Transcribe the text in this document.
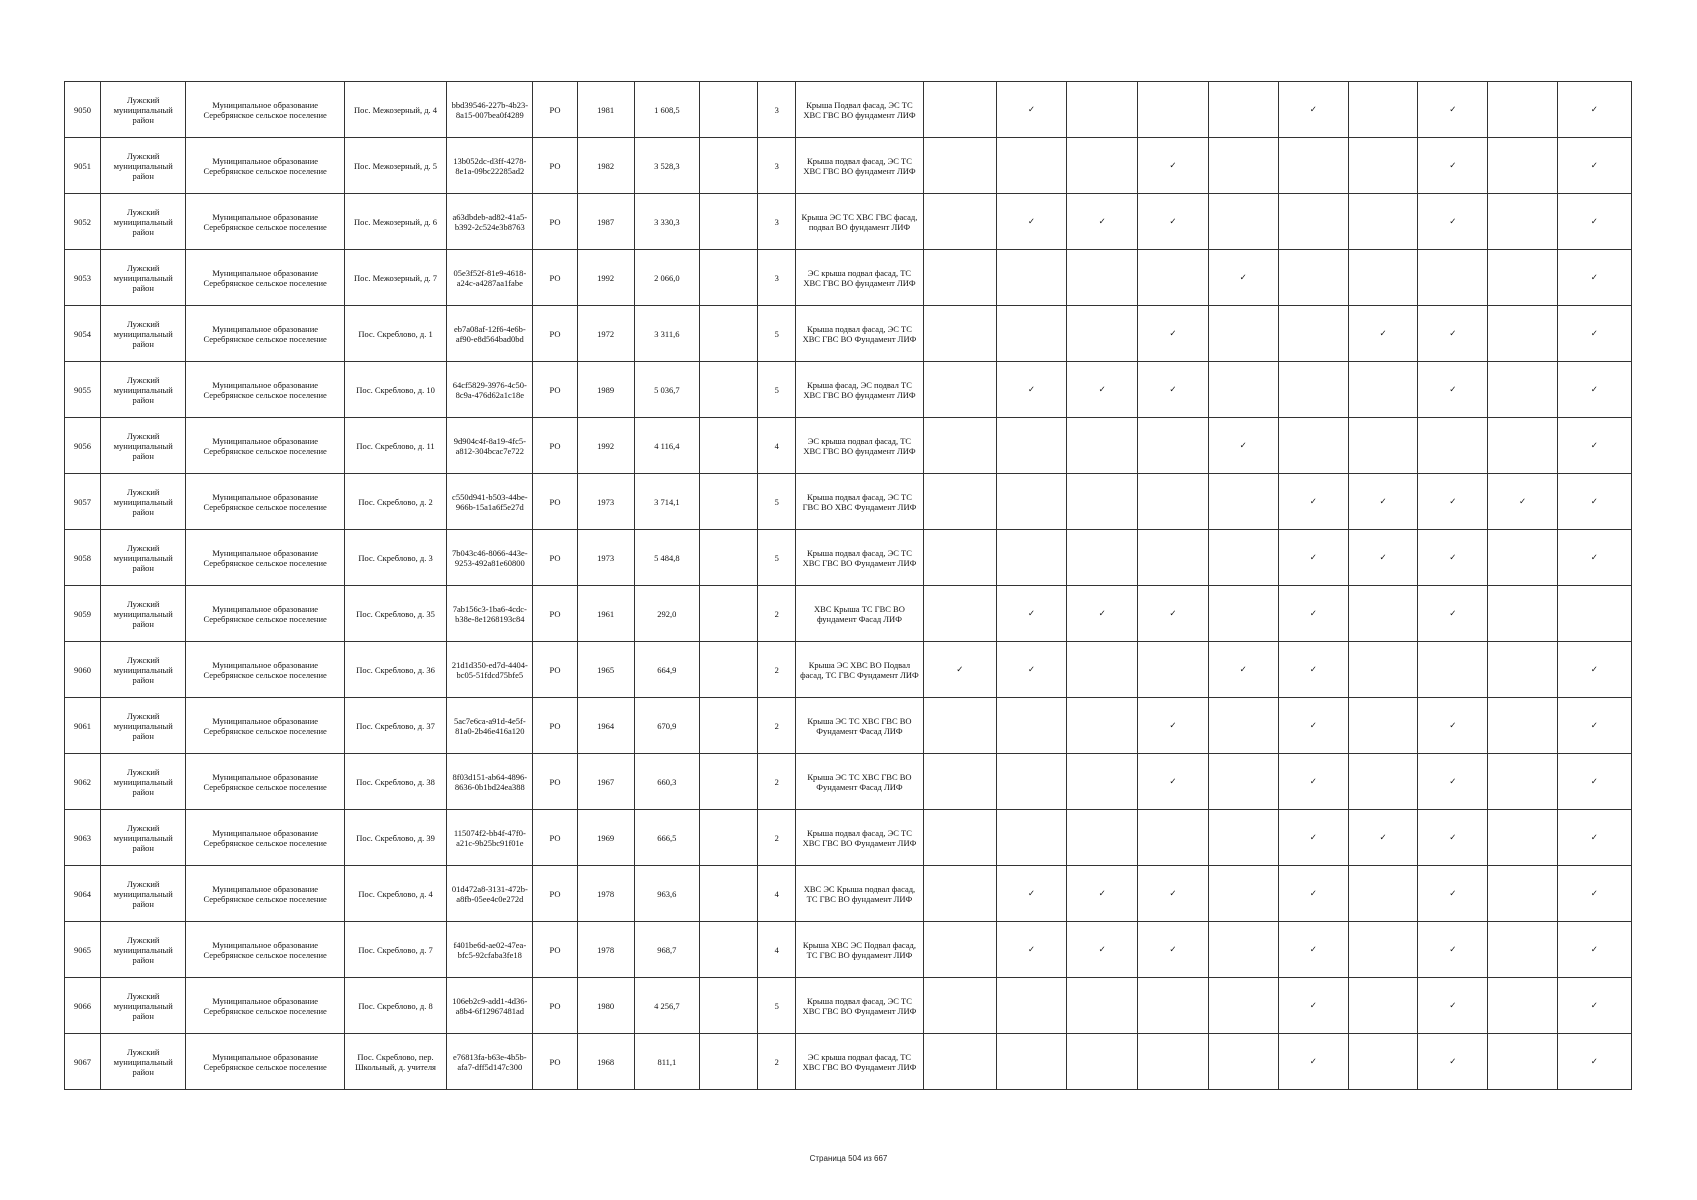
9050	Лужский муниципальный район	Муниципальное образование Серебрянское сельское поселение	Пос. Межозерный, д. 4	bbd39546-227b-4b23-8a15-007bea0f4289	РО	1981	1 608,5		3	Крыша Подвал фасад, ЭС ТС ХВС ГВС ВО фундамент ЛИФ		✓				✓		✓		✓
9051	Лужский муниципальный район	Муниципальное образование Серебрянское сельское поселение	Пос. Межозерный, д. 5	13b052dc-d3ff-4278-8e1a-09bc22285ad2	РО	1982	3 528,3		3	Крыша подвал фасад, ЭС ТС ХВС ГВС ВО фундамент ЛИФ				✓				✓		✓
9052	Лужский муниципальный район	Муниципальное образование Серебрянское сельское поселение	Пос. Межозерный, д. 6	a63dbdeb-ad82-41a5-b392-2c524e3b8763	РО	1987	3 330,3		3	Крыша ЭС ТС ХВС ГВС фасад, подвал ВО фундамент ЛИФ		✓	✓	✓				✓		✓
9053	Лужский муниципальный район	Муниципальное образование Серебрянское сельское поселение	Пос. Межозерный, д. 7	05e3f52f-81e9-4618-a24c-a4287aa1fabe	РО	1992	2 066,0		3	ЭС крыша подвал фасад, ТС ХВС ГВС ВО фундамент ЛИФ					✓					✓
9054	Лужский муниципальный район	Муниципальное образование Серебрянское сельское поселение	Пос. Скреблово, д. 1	eb7a08af-12f6-4e6b-af90-e8d564bad0bd	РО	1972	3 311,6		5	Крыша подвал фасад, ЭС ТС ХВС ГВС ВО Фундамент ЛИФ				✓			✓	✓		✓
9055	Лужский муниципальный район	Муниципальное образование Серебрянское сельское поселение	Пос. Скреблово, д. 10	64cf5829-3976-4c50-8c9a-476d62a1c18e	РО	1989	5 036,7		5	Крыша фасад, ЭС подвал ТС ХВС ГВС ВО фундамент ЛИФ		✓	✓	✓				✓		✓
9056	Лужский муниципальный район	Муниципальное образование Серебрянское сельское поселение	Пос. Скреблово, д. 11	9d904c4f-8a19-4fc5-a812-304bcac7e722	РО	1992	4 116,4		4	ЭС крыша подвал фасад, ТС ХВС ГВС ВО фундамент ЛИФ					✓					✓
9057	Лужский муниципальный район	Муниципальное образование Серебрянское сельское поселение	Пос. Скреблово, д. 2	c550d941-b503-44be-966b-15a1a6f5e27d	РО	1973	3 714,1		5	Крыша подвал фасад, ЭС ТС ГВС ВО ХВС Фундамент ЛИФ						✓	✓	✓	✓	✓
9058	Лужский муниципальный район	Муниципальное образование Серебрянское сельское поселение	Пос. Скреблово, д. 3	7b043c46-8066-443e-9253-492a81e60800	РО	1973	5 484,8		5	Крыша подвал фасад, ЭС ТС ХВС ГВС ВО Фундамент ЛИФ						✓	✓	✓		✓
9059	Лужский муниципальный район	Муниципальное образование Серебрянское сельское поселение	Пос. Скреблово, д. 35	7ab156c3-1ba6-4cdc-b38e-8e1268193c84	РО	1961	292,0		2	ХВС Крыша ТС ГВС ВО фундамент Фасад ЛИФ		✓	✓	✓		✓		✓		
9060	Лужский муниципальный район	Муниципальное образование Серебрянское сельское поселение	Пос. Скреблово, д. 36	21d1d350-ed7d-4404-bc05-51fdcd75bfe5	РО	1965	664,9		2	Крыша ЭС ХВС ВО Подвал фасад, ТС ГВС Фундамент ЛИФ	✓	✓			✓	✓				✓
9061	Лужский муниципальный район	Муниципальное образование Серебрянское сельское поселение	Пос. Скреблово, д. 37	5ac7e6ca-a91d-4e5f-81a0-2b46e416a120	РО	1964	670,9		2	Крыша ЭС ТС ХВС ГВС ВО Фундамент Фасад ЛИФ				✓		✓		✓		✓
9062	Лужский муниципальный район	Муниципальное образование Серебрянское сельское поселение	Пос. Скреблово, д. 38	8f03d151-ab64-4896-8636-0b1bd24ea388	РО	1967	660,3		2	Крыша ЭС ТС ХВС ГВС ВО Фундамент Фасад ЛИФ				✓		✓		✓		✓
9063	Лужский муниципальный район	Муниципальное образование Серебрянское сельское поселение	Пос. Скреблово, д. 39	115074f2-bb4f-47f0-a21c-9b25bc91f01e	РО	1969	666,5		2	Крыша подвал фасад, ЭС ТС ХВС ГВС ВО Фундамент ЛИФ						✓	✓	✓		✓
9064	Лужский муниципальный район	Муниципальное образование Серебрянское сельское поселение	Пос. Скреблово, д. 4	01d472a8-3131-472b-a8fb-05ee4c0e272d	РО	1978	963,6		4	ХВС ЭС Крыша подвал фасад, ТС ГВС ВО фундамент ЛИФ		✓	✓	✓		✓		✓		✓
9065	Лужский муниципальный район	Муниципальное образование Серебрянское сельское поселение	Пос. Скреблово, д. 7	f401be6d-ae02-47ea-bfc5-92cfaba3fe18	РО	1978	968,7		4	Крыша ХВС ЭС Подвал фасад, ТС ГВС ВО фундамент ЛИФ		✓	✓	✓		✓		✓		✓
9066	Лужский муниципальный район	Муниципальное образование Серебрянское сельское поселение	Пос. Скреблово, д. 8	106eb2c9-add1-4d36-a8b4-6f12967481ad	РО	1980	4 256,7		5	Крыша подвал фасад, ЭС ТС ХВС ГВС ВО Фундамент ЛИФ						✓		✓		✓
9067	Лужский муниципальный район	Муниципальное образование Серебрянское сельское поселение	Пос. Скреблово, пер. Школьный, д. учителя	e76813fa-b63e-4b5b-afa7-dff5d147c300	РО	1968	811,1		2	ЭС крыша подвал фасад, ТС ХВС ГВС ВО Фундамент ЛИФ						✓		✓		✓
Страница 504 из 667
